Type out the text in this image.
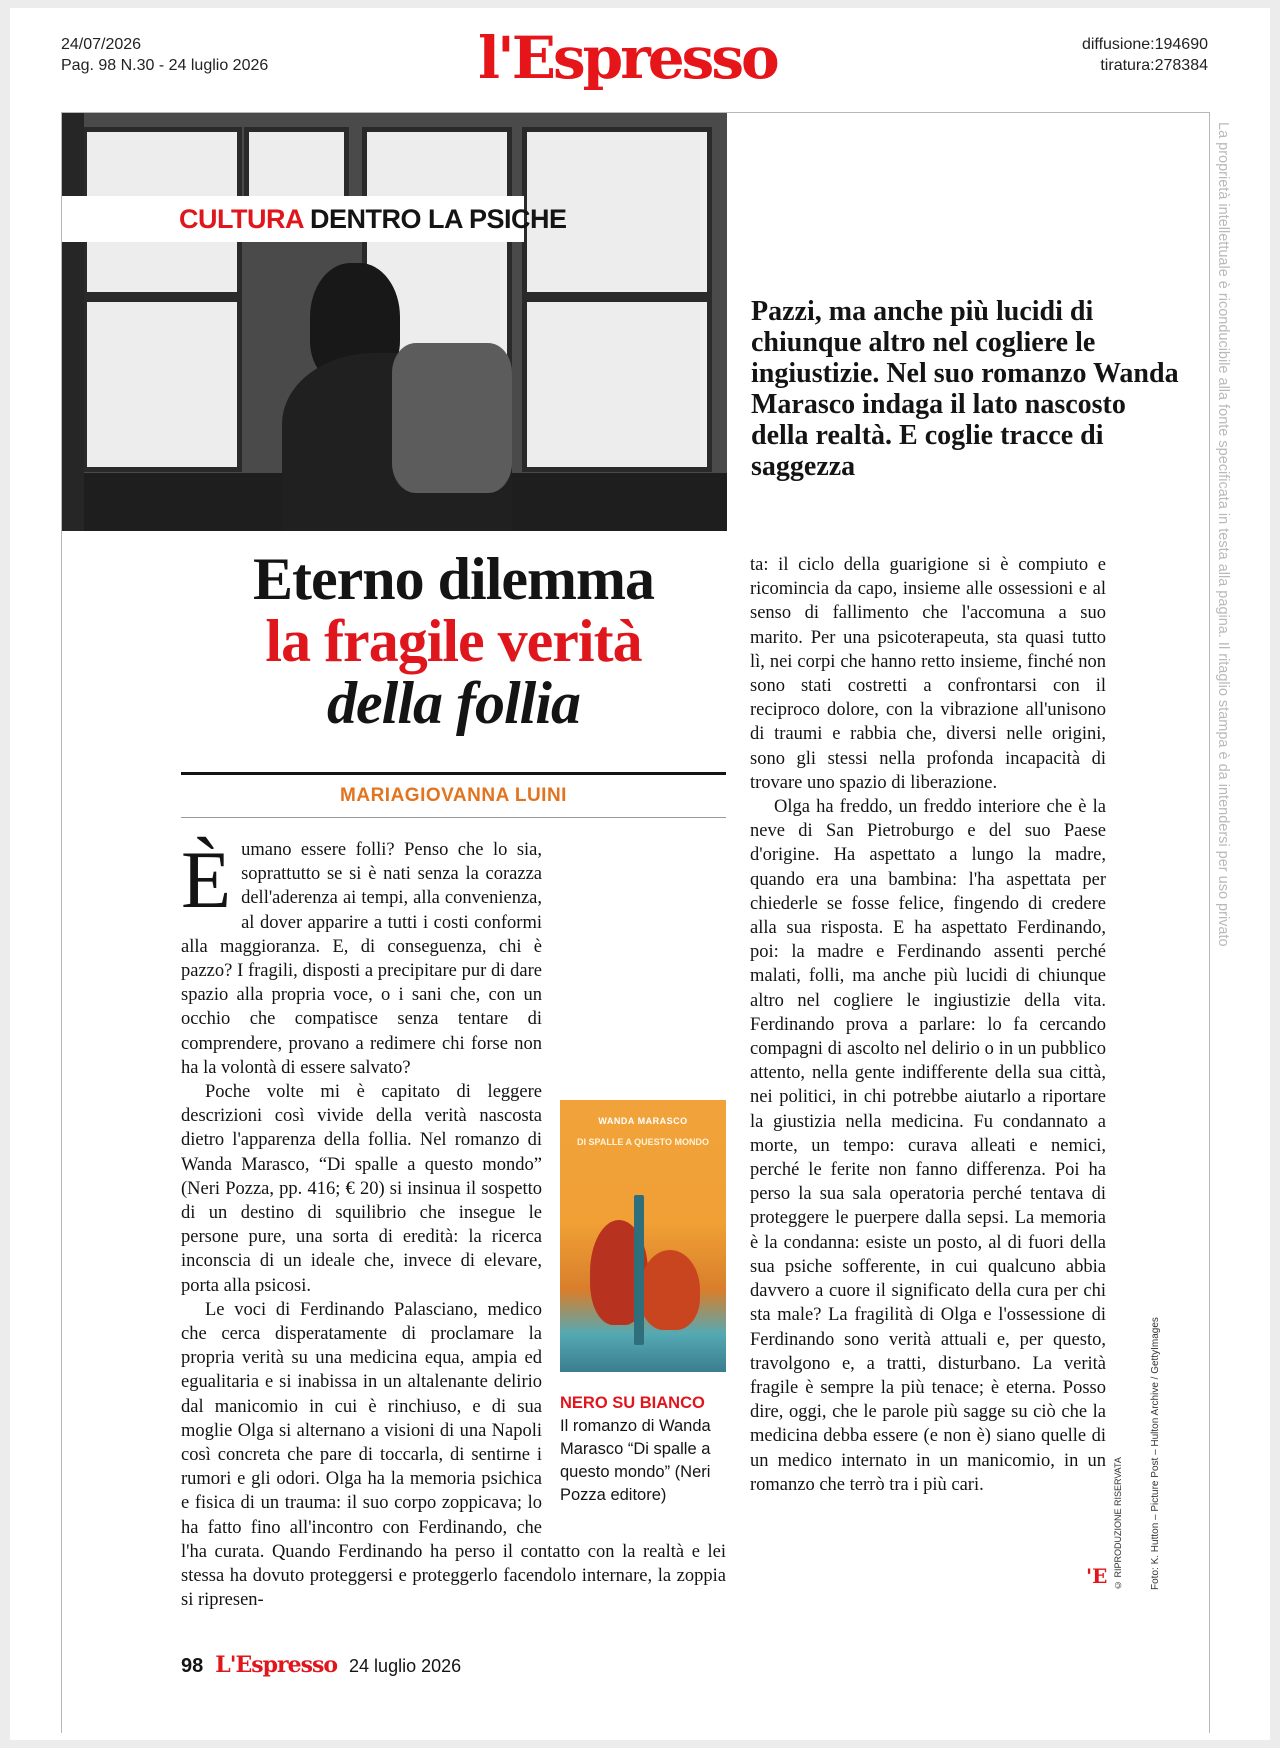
24/07/2026
Pag. 98 N.30 - 24 luglio 2026	l'Espresso	diffusione:194690
tiratura:278384
La proprietà intellettuale è riconducibile alla fonte specificata in testa alla pagina. Il ritaglio stampa è da intendersi per uso privato
CULTURA DENTRO LA PSICHE

Pazzi, ma anche più lucidi di chiunque altro nel cogliere le ingiustizie. Nel suo romanzo Wanda Marasco indaga il lato nascosto della realtà. E coglie tracce di saggezza

Eterno dilemma
la fragile verità
della follia
MARIAGIOVANNA LUINI
È umano essere folli? Penso che lo sia, soprattutto se si è nati senza la corazza dell'aderenza ai tempi, alla convenienza, al dover apparire a tutti i costi conformi alla maggioranza. E, di conseguenza, chi è pazzo? I fragili, disposti a precipitare pur di dare spazio alla propria voce, o i sani che, con un occhio che compatisce senza tentare di comprendere, provano a redimere chi forse non ha la volontà di essere salvato?

Poche volte mi è capitato di leggere descrizioni così vivide della verità nascosta dietro l'apparenza della follia. Nel romanzo di Wanda Marasco, “Di spalle a questo mondo” (Neri Pozza, pp. 416; € 20) si insinua il sospetto di un destino di squilibrio che insegue le persone pure, una sorta di eredità: la ricerca inconscia di un ideale che, invece di elevare, porta alla psicosi.

Le voci di Ferdinando Palasciano, medico che cerca disperatamente di proclamare la propria verità su una medicina equa, ampia ed egualitaria e si inabissa in un altalenante delirio dal manicomio in cui è rinchiuso, e di sua moglie Olga si alternano a visioni di una Napoli così concreta che pare di toccarla, di sentirne i rumori e gli odori. Olga ha la memoria psichica e fisica di un trauma: il suo corpo zoppicava; lo ha fatto fino all'incontro con Ferdinando, che l'ha curata. Quando Ferdinando ha perso il contatto con la realtà e lei stessa ha dovuto proteggersi e proteggerlo facendolo internare, la zoppia si ripresen-

WANDA MARASCO
DI SPALLE A QUESTO MONDO
NERO SU BIANCO
Il romanzo di Wanda Marasco “Di spalle a questo mondo” (Neri Pozza editore)

ta: il ciclo della guarigione si è compiuto e ricomincia da capo, insieme alle ossessioni e al senso di fallimento che l'accomuna a suo marito. Per una psicoterapeuta, sta quasi tutto lì, nei corpi che hanno retto insieme, finché non sono stati costretti a confrontarsi con il reciproco dolore, con la vibrazione all'unisono di traumi e rabbia che, diversi nelle origini, sono gli stessi nella profonda incapacità di trovare uno spazio di liberazione.

Olga ha freddo, un freddo interiore che è la neve di San Pietroburgo e del suo Paese d'origine. Ha aspettato a lungo la madre, quando era una bambina: l'ha aspettata per chiederle se fosse felice, fingendo di credere alla sua risposta. E ha aspettato Ferdinando, poi: la madre e Ferdinando assenti perché malati, folli, ma anche più lucidi di chiunque altro nel cogliere le ingiustizie della vita. Ferdinando prova a parlare: lo fa cercando compagni di ascolto nel delirio o in un pubblico attento, nella gente indifferente della sua città, nei politici, in chi potrebbe aiutarlo a riportare la giustizia nella medicina. Fu condannato a morte, un tempo: curava alleati e nemici, perché le ferite non fanno differenza. Poi ha perso la sua sala operatoria perché tentava di proteggere le puerpere dalla sepsi. La memoria è la condanna: esiste un posto, al di fuori della sua psiche sofferente, in cui qualcuno abbia davvero a cuore il significato della cura per chi sta male? La fragilità di Olga e l'ossessione di Ferdinando sono verità attuali e, per questo, travolgono e, a tratti, disturbano. La verità fragile è sempre la più tenace; è eterna. Posso dire, oggi, che le parole più sagge su ciò che la medicina debba essere (e non è) siano quelle di un medico internato in un manicomio, in un romanzo che terrò tra i più cari.

'E © RIPRODUZIONE RISERVATA	Foto: K. Hutton – Picture Post – Hulton Archive / GettyImages
98 L'Espresso 24 luglio 2026
